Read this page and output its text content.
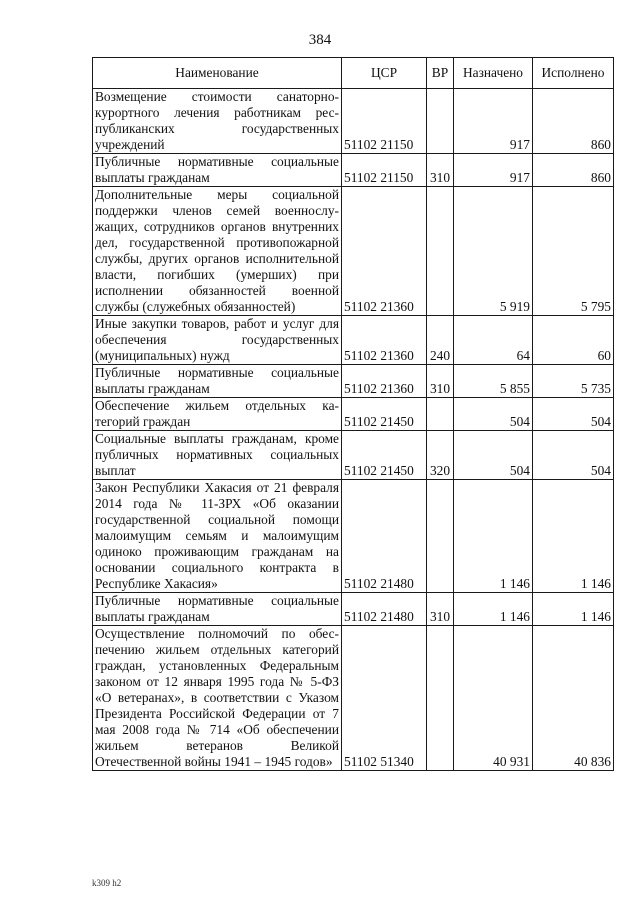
384
Наименование	ЦСР	ВР	Назначено	Исполнено
Возмещение стоимости санаторно-курортного лечения работникам республиканских государственных учреждений	51102 21150		917	860
Публичные нормативные социальные выплаты гражданам	51102 21150	310	917	860
Дополнительные меры социальной поддержки членов семей военнослужащих, сотрудников органов внутренних дел, государственной противопожарной службы, других органов исполнительной власти, погибших (умерших) при исполнении обязанностей военной службы (служебных обязанностей)	51102 21360		5 919	5 795
Иные закупки товаров, работ и услуг для обеспечения государственных (муниципальных) нужд	51102 21360	240	64	60
Публичные нормативные социальные выплаты гражданам	51102 21360	310	5 855	5 735
Обеспечение жильем отдельных категорий граждан	51102 21450		504	504
Социальные выплаты гражданам, кроме публичных нормативных социальных выплат	51102 21450	320	504	504
Закон Республики Хакасия от 21 февраля 2014 года № 11-ЗРХ «Об оказании государственной социальной помощи малоимущим семьям и малоимущим одиноко проживающим гражданам на основании социального контракта в Республике Хакасия»	51102 21480		1 146	1 146
Публичные нормативные социальные выплаты гражданам	51102 21480	310	1 146	1 146
Осуществление полномочий по обеспечению жильем отдельных категорий граждан, установленных Федеральным законом от 12 января 1995 года № 5-ФЗ «О ветеранах», в соответствии с Указом Президента Российской Федерации от 7 мая 2008 года № 714 «Об обеспечении жильем ветеранов Великой Отечественной войны 1941 – 1945 годов»	51102 51340		40 931	40 836
k309 h2
